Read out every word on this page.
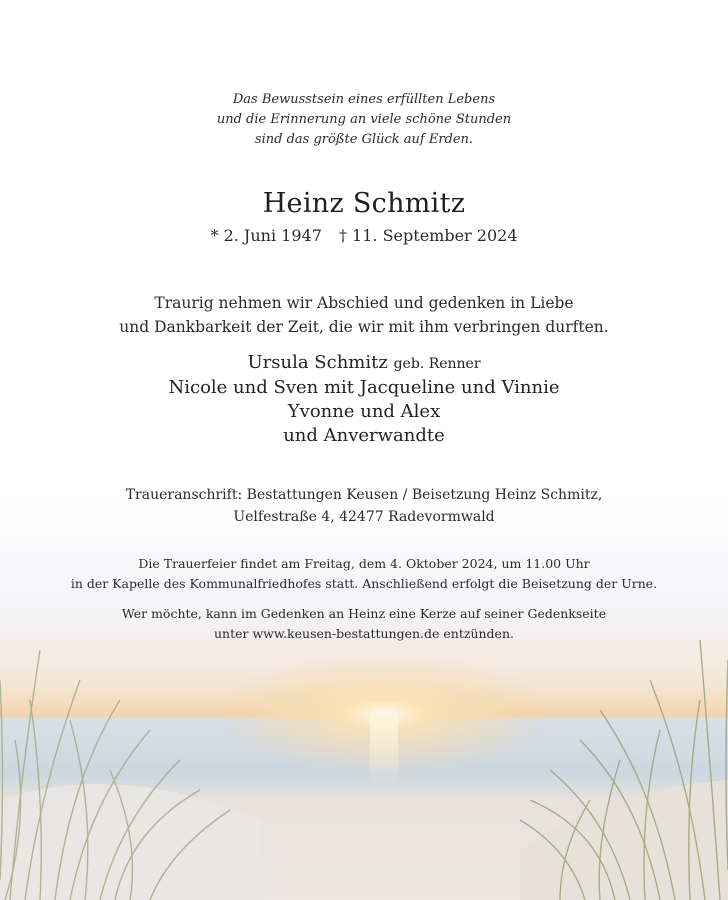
Das Bewusstsein eines erfüllten Lebens
und die Erinnerung an viele schöne Stunden
sind das größte Glück auf Erden.
Heinz Schmitz
* 2. Juni 1947 † 11. September 2024
Traurig nehmen wir Abschied und gedenken in Liebe
und Dankbarkeit der Zeit, die wir mit ihm verbringen durften.
Ursula Schmitz geb. Renner
Nicole und Sven mit Jacqueline und Vinnie
Yvonne und Alex
und Anverwandte
Traueranschrift: Bestattungen Keusen / Beisetzung Heinz Schmitz,
Uelfestraße 4, 42477 Radevormwald
Die Trauerfeier findet am Freitag, dem 4. Oktober 2024, um 11.00 Uhr
in der Kapelle des Kommunalfriedhofes statt. Anschließend erfolgt die Beisetzung der Urne.
Wer möchte, kann im Gedenken an Heinz eine Kerze auf seiner Gedenkseite
unter www.keusen-bestattungen.de entzünden.
